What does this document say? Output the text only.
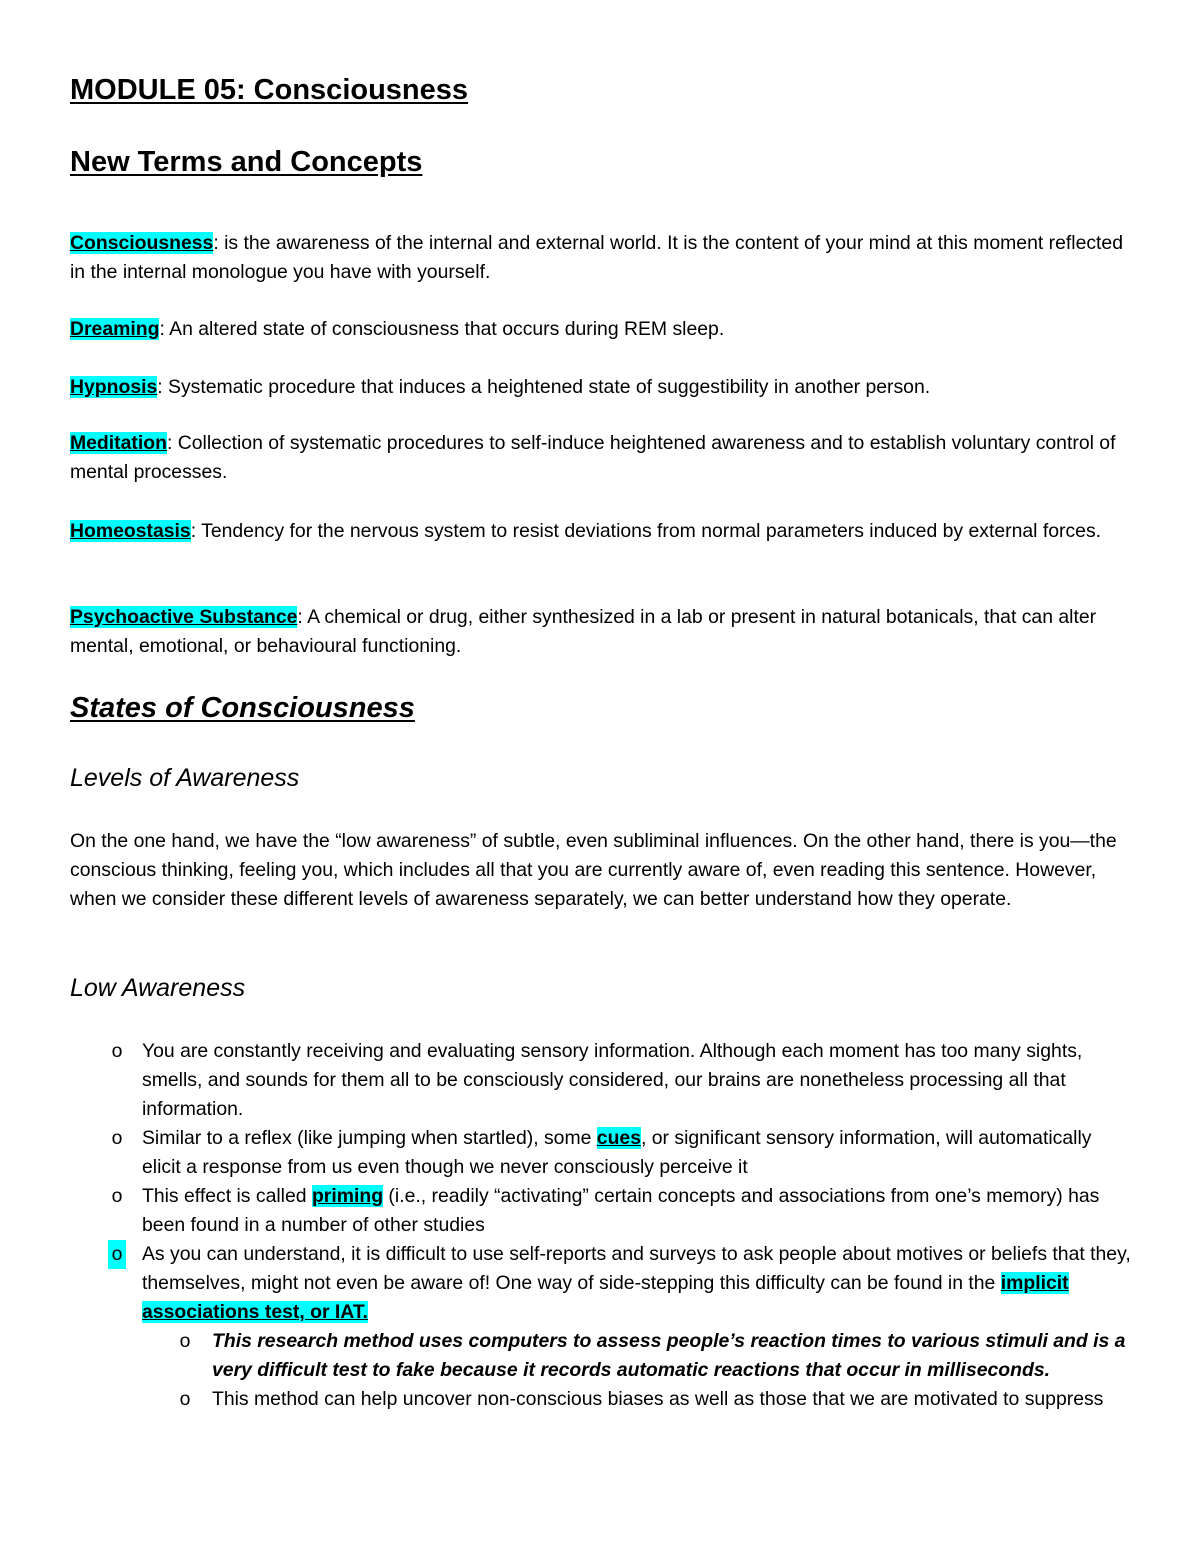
MODULE 05: Consciousness
New Terms and Concepts

Consciousness: is the awareness of the internal and external world. It is the content of your mind at this moment reflected in the internal monologue you have with yourself.

Dreaming: An altered state of consciousness that occurs during REM sleep.

Hypnosis: Systematic procedure that induces a heightened state of suggestibility in another person.

Meditation: Collection of systematic procedures to self-induce heightened awareness and to establish voluntary control of mental processes.

Homeostasis: Tendency for the nervous system to resist deviations from normal parameters induced by external forces.

Psychoactive Substance: A chemical or drug, either synthesized in a lab or present in natural botanicals, that can alter mental, emotional, or behavioural functioning.

States of Consciousness
Levels of Awareness

On the one hand, we have the “low awareness” of subtle, even subliminal influences. On the other hand, there is you—the conscious thinking, feeling you, which includes all that you are currently aware of, even reading this sentence. However, when we consider these different levels of awareness separately, we can better understand how they operate.

Low Awareness
o You are constantly receiving and evaluating sensory information. Although each moment has too many sights, smells, and sounds for them all to be consciously considered, our brains are nonetheless processing all that information.
o Similar to a reflex (like jumping when startled), some cues, or significant sensory information, will automatically elicit a response from us even though we never consciously perceive it
o This effect is called priming (i.e., readily “activating” certain concepts and associations from one’s memory) has been found in a number of other studies
o As you can understand, it is difficult to use self-reports and surveys to ask people about motives or beliefs that they, themselves, might not even be aware of! One way of side-stepping this difficulty can be found in the implicit associations test, or IAT.
o This research method uses computers to assess people’s reaction times to various stimuli and is a very difficult test to fake because it records automatic reactions that occur in milliseconds.
o This method can help uncover non-conscious biases as well as those that we are motivated to suppress
